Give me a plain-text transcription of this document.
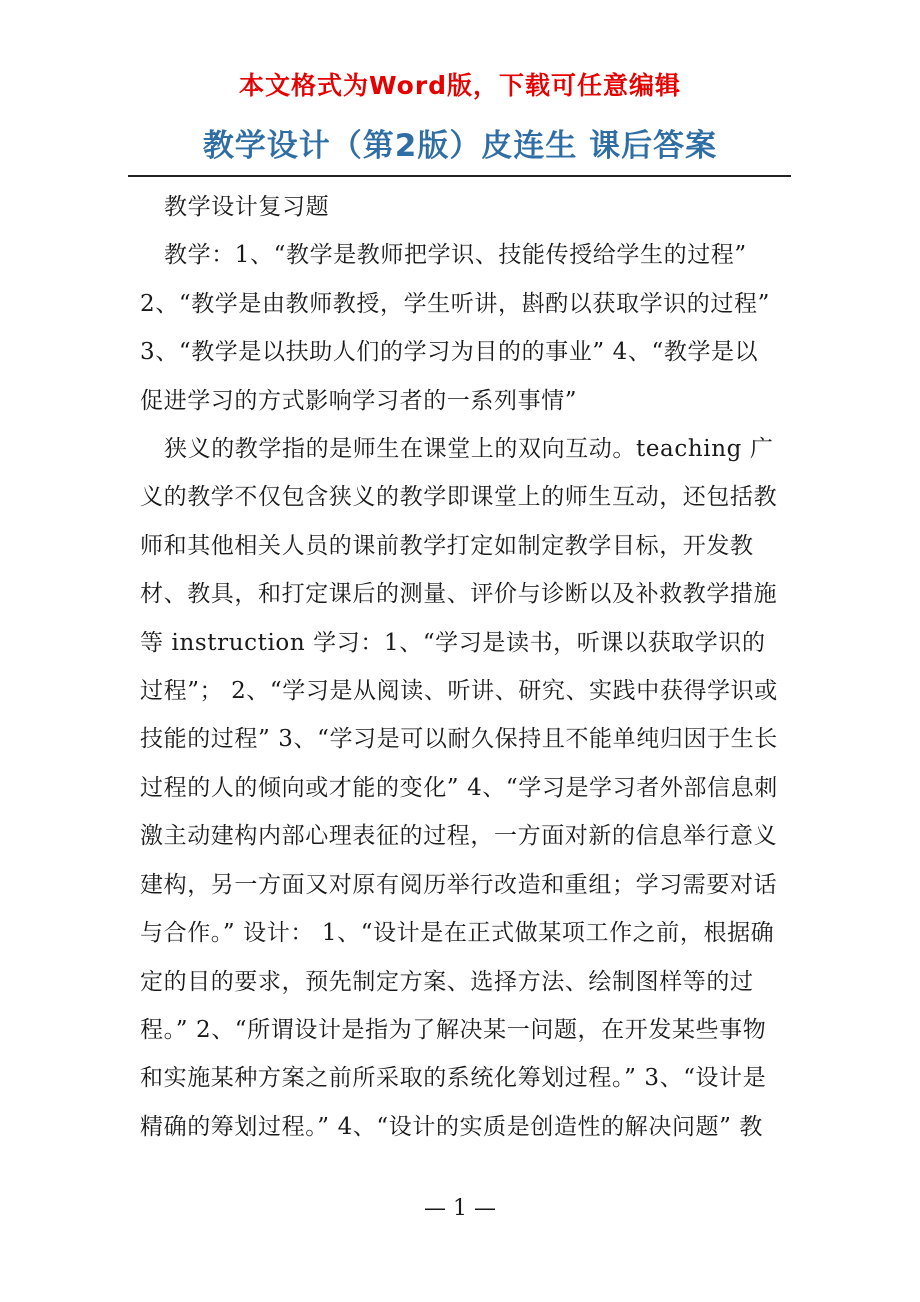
本文格式为Word版，下载可任意编辑
教学设计（第2版）皮连生 课后答案

教学设计复习题

教学：1、“教学是教师把学识、技能传授给学生的过程” 2、“教学是由教师教授，学生听讲，斟酌以获取学识的过程” 3、“教学是以扶助人们的学习为目的的事业” 4、“教学是以促进学习的方式影响学习者的一系列事情”

狭义的教学指的是师生在课堂上的双向互动。teaching 广义的教学不仅包含狭义的教学即课堂上的师生互动，还包括教师和其他相关人员的课前教学打定如制定教学目标，开发教材、教具，和打定课后的测量、评价与诊断以及补救教学措施等 instruction 学习：1、“学习是读书，听课以获取学识的过程”； 2、“学习是从阅读、听讲、研究、实践中获得学识或技能的过程” 3、“学习是可以耐久保持且不能单纯归因于生长过程的人的倾向或才能的变化” 4、“学习是学习者外部信息刺激主动建构内部心理表征的过程，一方面对新的信息举行意义建构，另一方面又对原有阅历举行改造和重组；学习需要对话与合作。” 设计： 1、“设计是在正式做某项工作之前，根据确定的目的要求，预先制定方案、选择方法、绘制图样等的过程。” 2、“所谓设计是指为了解决某一问题，在开发某些事物和实施某种方案之前所采取的系统化筹划过程。” 3、“设计是精确的筹划过程。” 4、“设计的实质是创造性的解决问题” 教

— 1 —
